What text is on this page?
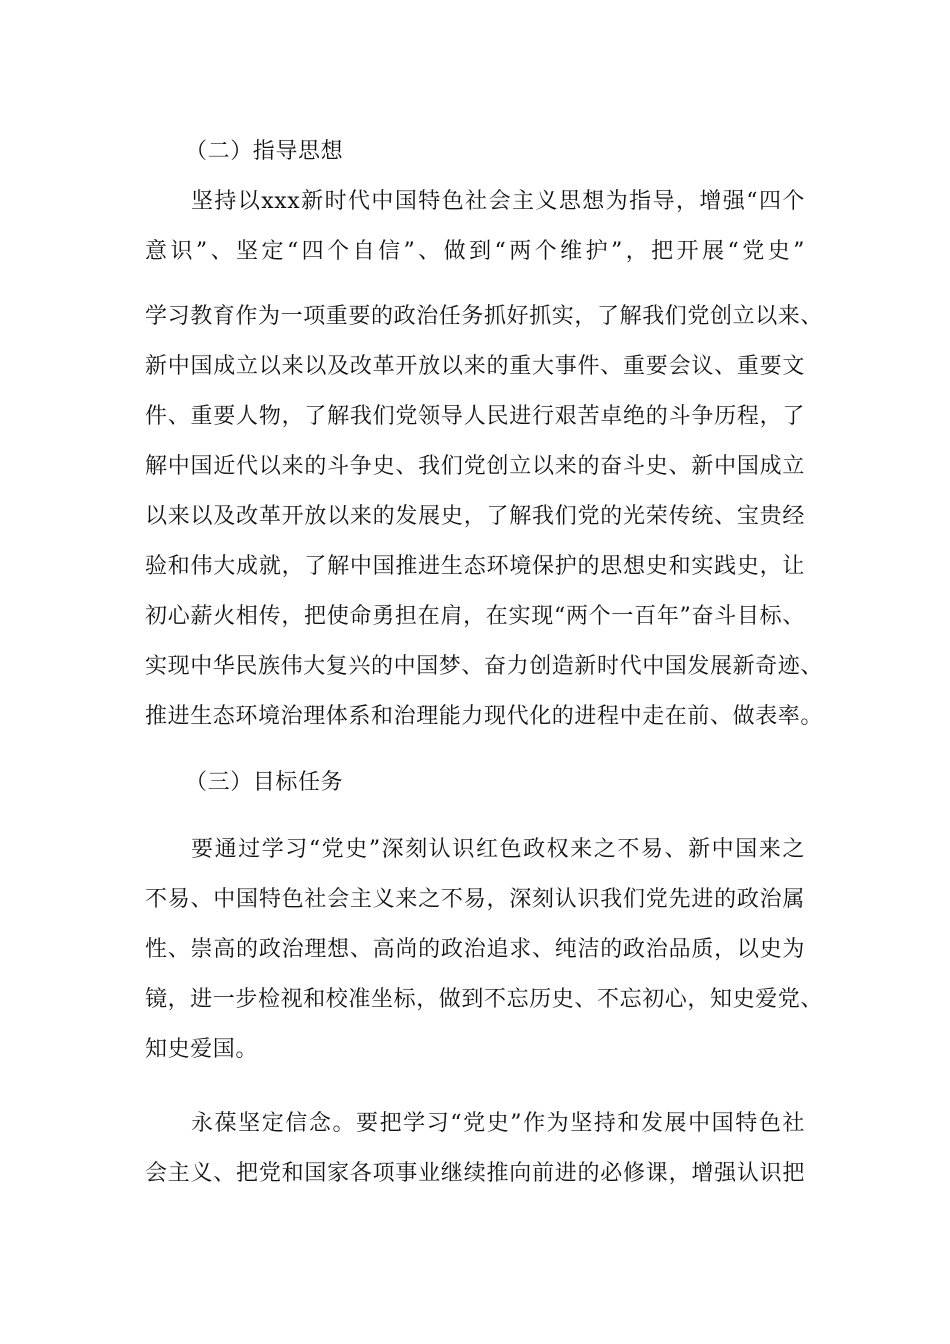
（二）指导思想
坚持以xxx新时代中国特色社会主义思想为指导，增强“四个
意识”、坚定“四个自信”、做到“两个维护”，把开展“党史”
学习教育作为一项重要的政治任务抓好抓实，了解我们党创立以来、
新中国成立以来以及改革开放以来的重大事件、重要会议、重要文
件、重要人物，了解我们党领导人民进行艰苦卓绝的斗争历程，了
解中国近代以来的斗争史、我们党创立以来的奋斗史、新中国成立
以来以及改革开放以来的发展史，了解我们党的光荣传统、宝贵经
验和伟大成就，了解中国推进生态环境保护的思想史和实践史，让
初心薪火相传，把使命勇担在肩，在实现“两个一百年”奋斗目标、
实现中华民族伟大复兴的中国梦、奋力创造新时代中国发展新奇迹、
推进生态环境治理体系和治理能力现代化的进程中走在前、做表率。
（三）目标任务
要通过学习“党史”深刻认识红色政权来之不易、新中国来之
不易、中国特色社会主义来之不易，深刻认识我们党先进的政治属
性、崇高的政治理想、高尚的政治追求、纯洁的政治品质，以史为
镜，进一步检视和校准坐标，做到不忘历史、不忘初心，知史爱党、
知史爱国。
永葆坚定信念。要把学习“党史”作为坚持和发展中国特色社
会主义、把党和国家各项事业继续推向前进的必修课，增强认识把
